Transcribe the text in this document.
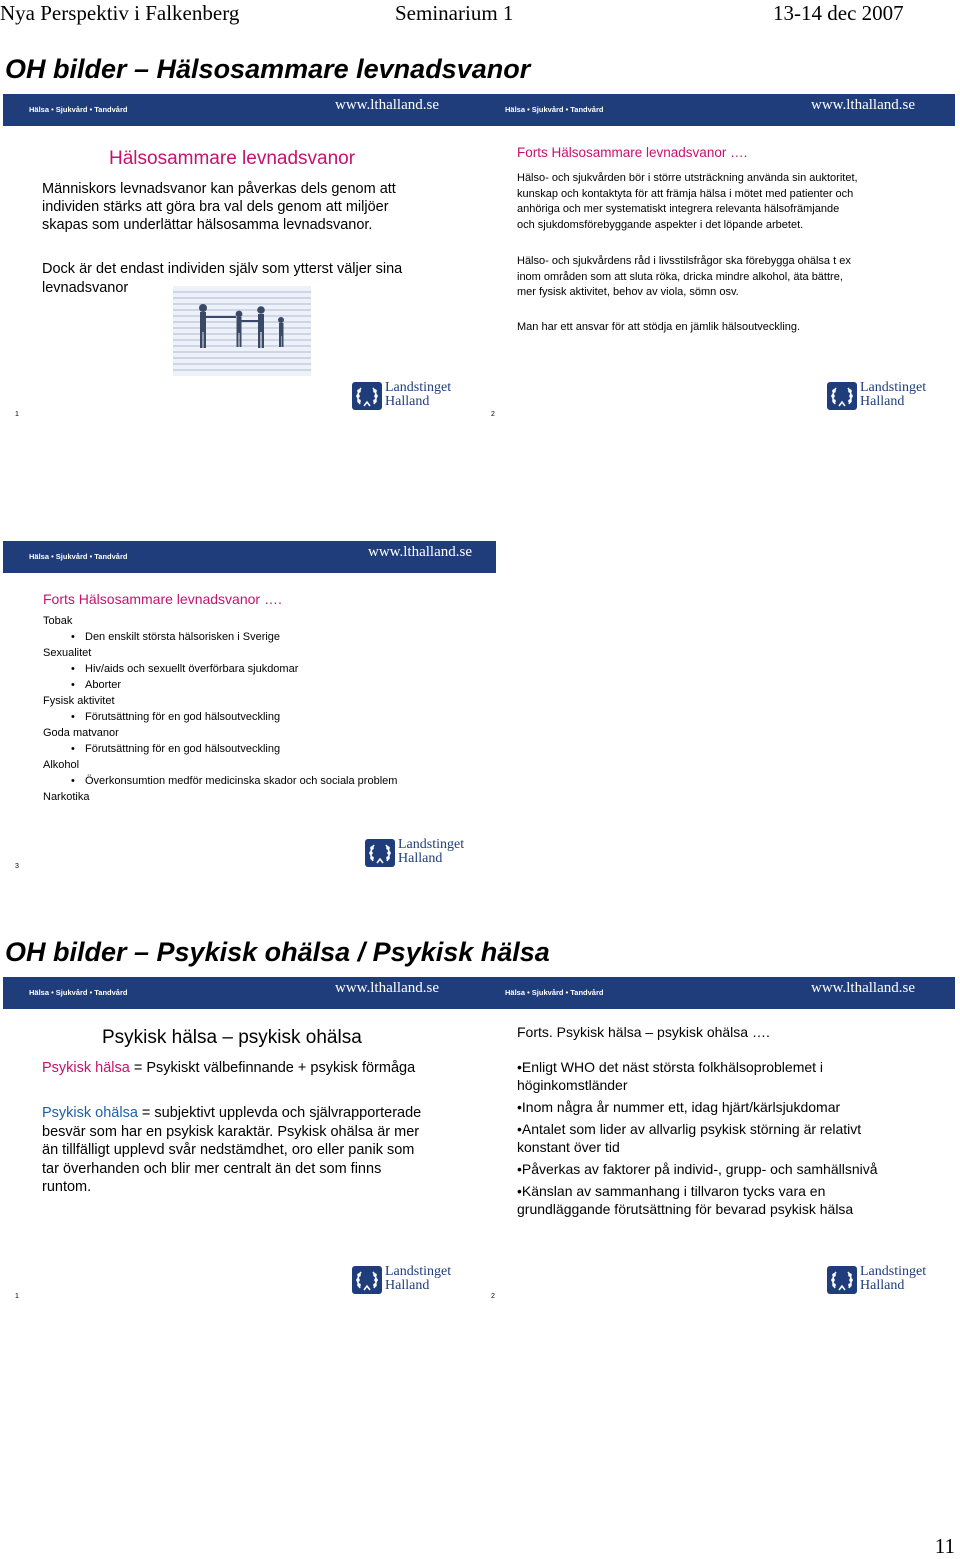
Nya Perspektiv i Falkenberg	Seminarium 1	13-14 dec 2007
OH bilder – Hälsosammare levnadsvanor
Hälsa • Sjukvård • Tandvård	www.lthalland.se
Hälsosammare levnadsvanor
Människors levnadsvanor kan påverkas dels genom att
individen stärks att göra bra val dels genom att miljöer
skapas som underlättar hälsosamma levnadsvanor.
Dock är det endast individen själv som ytterst väljer sina
levnadsvanor
1
Landstinget
Halland
Hälsa • Sjukvård • Tandvård	www.lthalland.se
Forts Hälsosammare levnadsvanor ….
Hälso- och sjukvården bör i större utsträckning använda sin auktoritet,
kunskap och kontaktyta för att främja hälsa i mötet med patienter och
anhöriga och mer systematiskt integrera relevanta hälsofrämjande
och sjukdomsförebyggande aspekter i det löpande arbetet.
Hälso- och sjukvårdens råd i livsstilsfrågor ska förebygga ohälsa t ex
inom områden som att sluta röka, dricka mindre alkohol, äta bättre,
mer fysisk aktivitet, behov av viola, sömn osv.
Man har ett ansvar för att stödja en jämlik hälsoutveckling.
2
Landstinget
Halland
Hälsa • Sjukvård • Tandvård	www.lthalland.se
Forts Hälsosammare levnadsvanor ….
Tobak
• Den enskilt största hälsorisken i Sverige
Sexualitet
• Hiv/aids och sexuellt överförbara sjukdomar
• Aborter
Fysisk aktivitet
• Förutsättning för en god hälsoutveckling
Goda matvanor
• Förutsättning för en god hälsoutveckling
Alkohol
• Överkonsumtion medför medicinska skador och sociala problem
Narkotika
3
Landstinget
Halland
OH bilder – Psykisk ohälsa / Psykisk hälsa
Hälsa • Sjukvård • Tandvård	www.lthalland.se
Psykisk hälsa – psykisk ohälsa
Psykisk hälsa = Psykiskt välbefinnande + psykisk förmåga
Psykisk ohälsa = subjektivt upplevda och självrapporterade
besvär som har en psykisk karaktär. Psykisk ohälsa är mer
än tillfälligt upplevd svår nedstämdhet, oro eller panik som
tar överhanden och blir mer centralt än det som finns
runtom.
1
Landstinget
Halland
Hälsa • Sjukvård • Tandvård	www.lthalland.se
Forts. Psykisk hälsa – psykisk ohälsa ….
•Enligt WHO det näst största folkhälsoproblemet i
höginkomstländer
•Inom några år nummer ett, idag hjärt/kärlsjukdomar
•Antalet som lider av allvarlig psykisk störning är relativt
konstant över tid
•Påverkas av faktorer på individ-, grupp- och samhällsnivå
•Känslan av sammanhang i tillvaron tycks vara en
grundläggande förutsättning för bevarad psykisk hälsa
2
Landstinget
Halland
11
